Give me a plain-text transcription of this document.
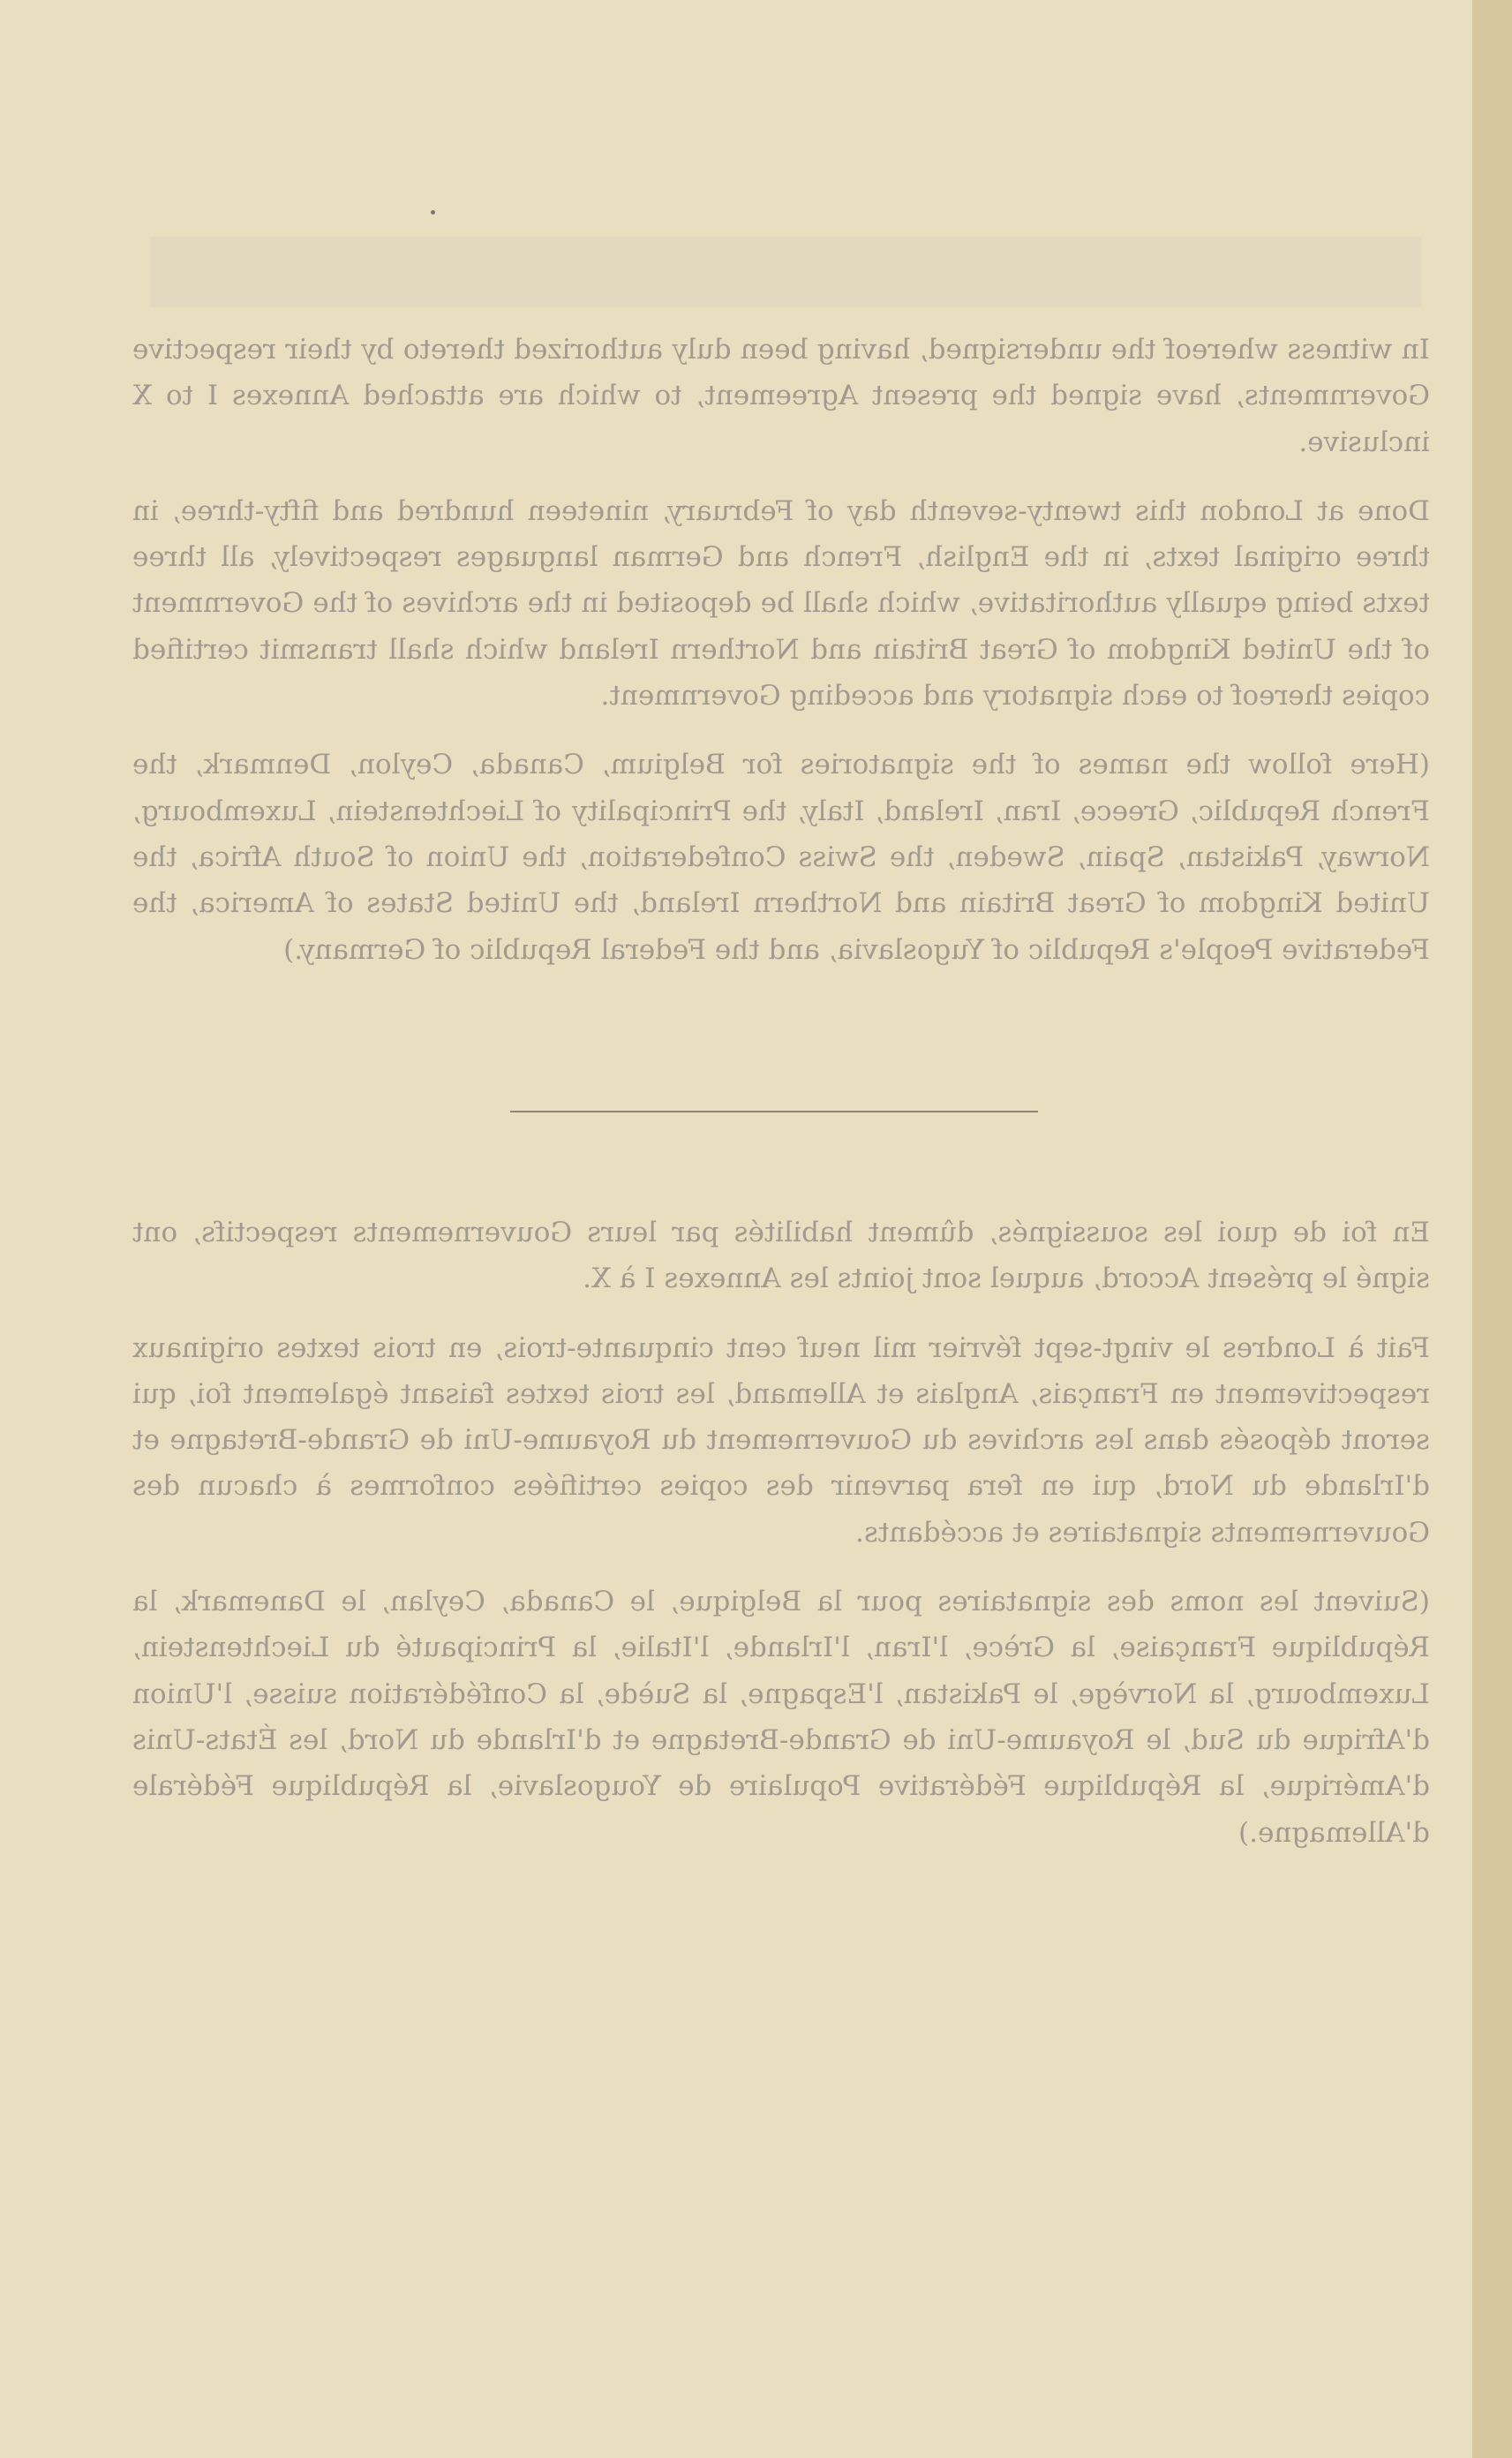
In witness whereof the undersigned, having been duly authorized thereto by their respective Governments, have signed the present Agreement, to which are attached Annexes I to X inclusive.

Done at London this twenty-seventh day of February, nineteen hundred and fifty-three, in three original texts, in the English, French and German languages respectively, all three texts being equally authoritative, which shall be deposited in the archives of the Government of the United Kingdom of Great Britain and Northern Ireland which shall transmit certified copies thereof to each signatory and acceding Government.

(Here follow the names of the signatories for Belgium, Canada, Ceylon, Denmark, the French Republic, Greece, Iran, Ireland, Italy, the Principality of Liechtenstein, Luxembourg, Norway, Pakistan, Spain, Sweden, the Swiss Confederation, the Union of South Africa, the United Kingdom of Great Britain and Northern Ireland, the United States of America, the Federative People's Republic of Yugoslavia, and the Federal Republic of Germany.)

En foi de quoi les soussignés, dûment habilités par leurs Gouvernements respectifs, ont signé le présent Accord, auquel sont joints les Annexes I à X.

Fait à Londres le vingt-sept février mil neuf cent cinquante-trois, en trois textes originaux respectivement en Français, Anglais et Allemand, les trois textes faisant également foi, qui seront déposés dans les archives du Gouvernement du Royaume-Uni de Grande-Bretagne et d'Irlande du Nord, qui en fera parvenir des copies certifiées conformes à chacun des Gouvernements signataires et accédants.

(Suivent les noms des signataires pour la Belgique, le Canada, Ceylan, le Danemark, la République Française, la Grèce, l'Iran, l'Irlande, l'Italie, la Principauté du Liechtenstein, Luxembourg, la Norvège, le Pakistan, l'Espagne, la Suède, la Confédération suisse, l'Union d'Afrique du Sud, le Royaume-Uni de Grande-Bretagne et d'Irlande du Nord, les États-Unis d'Amérique, la République Fédérative Populaire de Yougoslavie, la République Fédérale d'Allemagne.)
